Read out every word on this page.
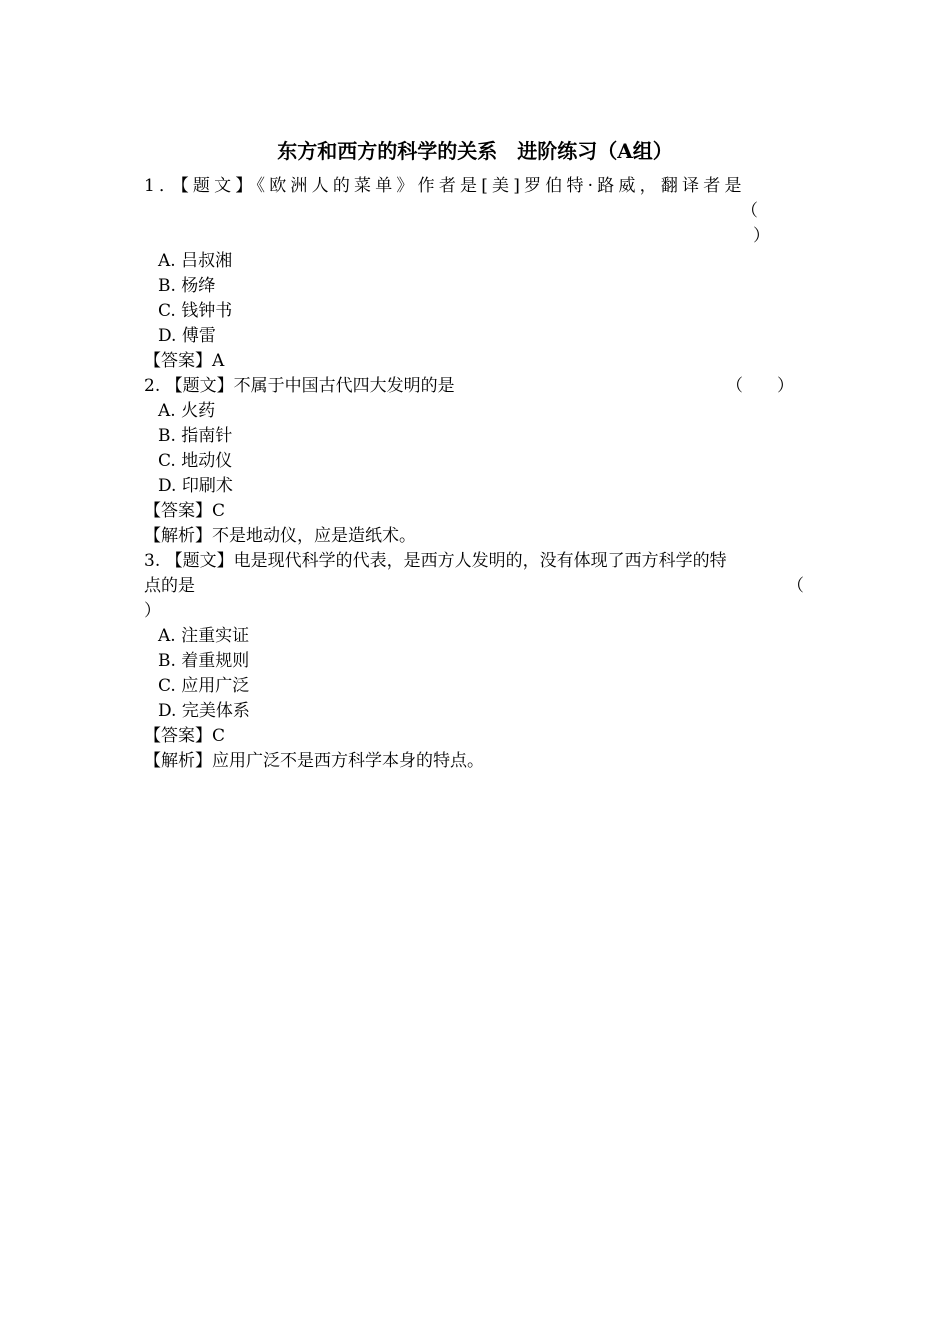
东方和西方的科学的关系　进阶练习（A组）
1．【题文】《欧洲人的菜单》作者是[美]罗伯特·路威，翻译者是
（
）
A. 吕叔湘
B. 杨绛
C. 钱钟书
D. 傅雷
【答案】A
2. 【题文】不属于中国古代四大发明的是	（　　）
A. 火药
B. 指南针
C. 地动仪
D. 印刷术
【答案】C
【解析】不是地动仪，应是造纸术。
3. 【题文】电是现代科学的代表，是西方人发明的，没有体现了西方科学的特
点的是	（
）
A. 注重实证
B. 着重规则
C. 应用广泛
D. 完美体系
【答案】C
【解析】应用广泛不是西方科学本身的特点。
